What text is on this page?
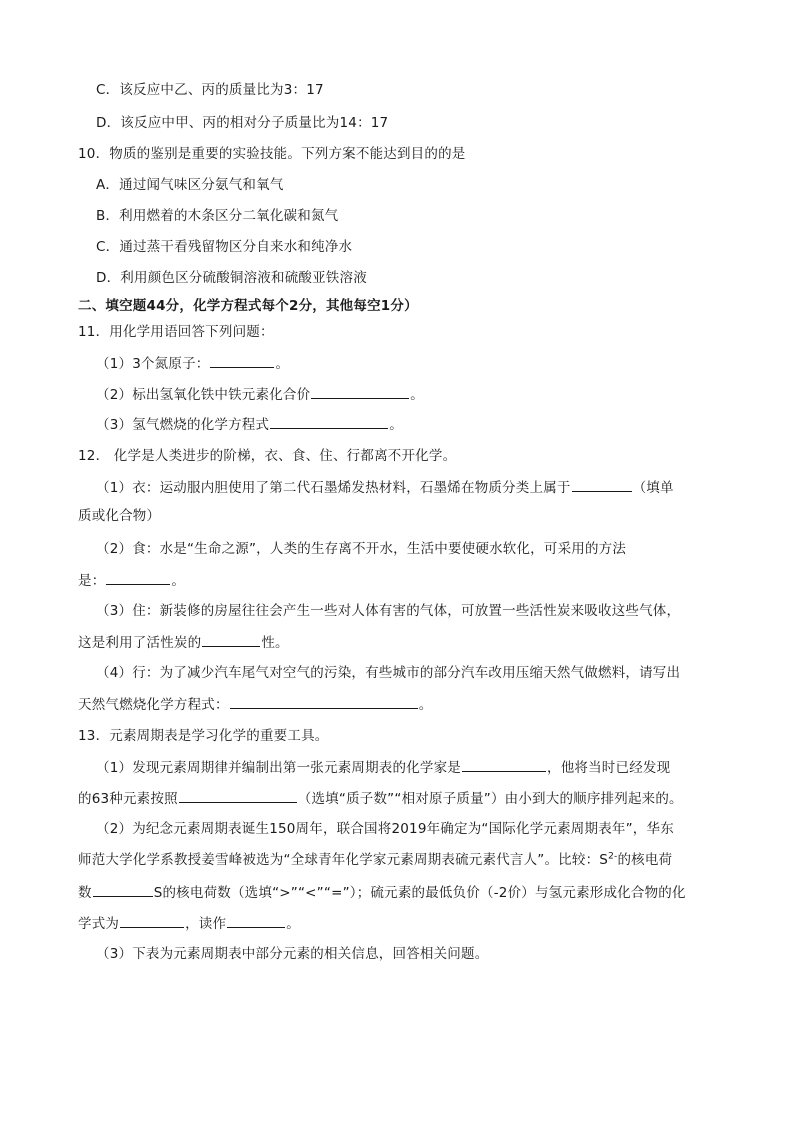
C．该反应中乙、丙的质量比为3：17
D．该反应中甲、丙的相对分子质量比为14：17
10．物质的鉴别是重要的实验技能。下列方案不能达到目的的是
A．通过闻气味区分氨气和氧气
B．利用燃着的木条区分二氧化碳和氮气
C．通过蒸干看残留物区分自来水和纯净水
D．利用颜色区分硫酸铜溶液和硫酸亚铁溶液
二、填空题44分，化学方程式每个2分，其他每空1分）
11．用化学用语回答下列问题：
（1）3个氮原子：	。
（2）标出氢氧化铁中铁元素化合价	。
（3）氢气燃烧的化学方程式	。
12． 化学是人类进步的阶梯，衣、食、住、行都离不开化学。
（1）衣：运动服内胆使用了第二代石墨烯发热材料，石墨烯在物质分类上属于	（填单
质或化合物）
（2）食：水是“生命之源”，人类的生存离不开水，生活中要使硬水软化，可采用的方法
是：	。
（3）住：新装修的房屋往往会产生一些对人体有害的气体，可放置一些活性炭来吸收这些气体，
这是利用了活性炭的	性。
（4）行：为了减少汽车尾气对空气的污染，有些城市的部分汽车改用压缩天然气做燃料，请写出
天然气燃烧化学方程式：	。
13．元素周期表是学习化学的重要工具。
（1）发现元素周期律并编制出第一张元素周期表的化学家是	，他将当时已经发现
的63种元素按照	（选填“质子数”“相对原子质量”）由小到大的顺序排列起来的。
（2）为纪念元素周期表诞生150周年，联合国将2019年确定为“国际化学元素周期表年”，华东
师范大学化学系教授姜雪峰被选为“全球青年化学家元素周期表硫元素代言人”。比较：$S^{2-}$的核电荷
数	S的核电荷数（选填“>”“<”“=”）；硫元素的最低负价（-2价）与氢元素形成化合物的化
学式为	，读作	。
（3）下表为元素周期表中部分元素的相关信息，回答相关问题。
